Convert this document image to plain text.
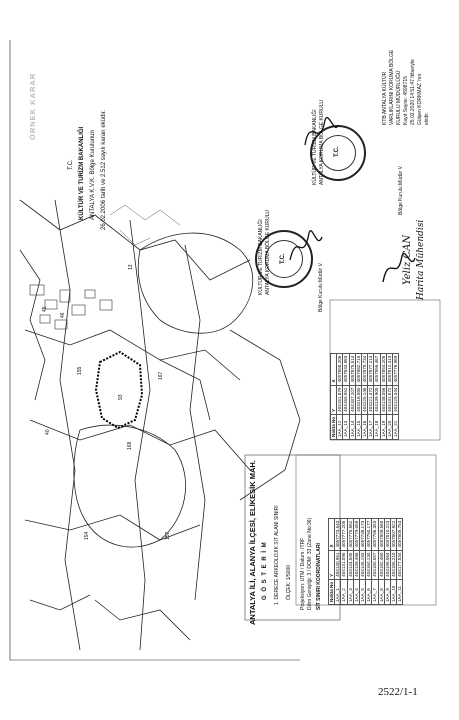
ÖRNEK KARAR
T.C. KÜLTÜR VE TURİZM BAKANLIĞI ANTALYA K.V.K. Bölge Kurulunun 26.02.2006 tarih ve 2.512 sayılı kararı eküdir.
KTB ANTALYA KÜLTÜR VARLIKLARINI KORUMA BÖLGE KURULU MÜDÜRLÜĞÜ Kayıt Sayısı: 4598715 25.02.2020 14:51:47 Itibariyle Gülşen KORKMAZ 'nın ekidir.
T.C.
KÜLTÜR VE TURİZM BAKANLIĞI ANTALYA KORUMA BÖLGE KURULU
Bölge Kurulu Müdür V.
T.C.
KÜLTÜR VE TURİZM BAKANLIĞI ANTALYA KORUMA BÖLGE KURULU	Bölge Kurulu Müdür V.
Yeliz CAN Harita Mühendisi
155
167
93
168
154	157
13
40
45
46
ANTALYA İLİ, ALANYA İLÇESİ, ELİKESİK MAH. G Ö S T E R İ M 1. DERECE ARKEOLOJİK SİT ALANI SINIRI ÖLÇEK: 1/5000 Projeksiyon: UTM / Datum: ITRF Dilim Genişliği: 3 / DOM: 33 (Zone No:36) SİT SINIRI KOORDİNATLARI Nokta No	Y	X
1AA_1	404130.951	4057773.543
1AA_2	404131.095	4057777.205
1AA_3	404134.505	4057770.552
1AA_4	404139.486	4057779.059
1AA_5	404145.193	4057746.173
1AA_6	404160.130	4057750.177
1AA_7	404180.557	4057786.353
1AA_8	404192.460	4057809.560
1AA_9	404195.064	4057810.223
1AA_10	404185.210	4057807.922
1AA_11	404177.534	4057805.753
Nokta No	Y	X
1AA_12	404151.879	4057858.206
1AA_13	404160.552	4057833.983
1AA_14	404187.207	4057875.514
1AA_15	404218.580	4057882.715
1AA_16	404225.146	4057879.734
1AA_17	404221.372	4057877.213
1AA_18	404139.905	4057856.467
1AA_19	404148.056	4057854.205
1AA_20	404131.572	4057812.413
1AA_21	404129.344	4057776.969
2522/1-1
